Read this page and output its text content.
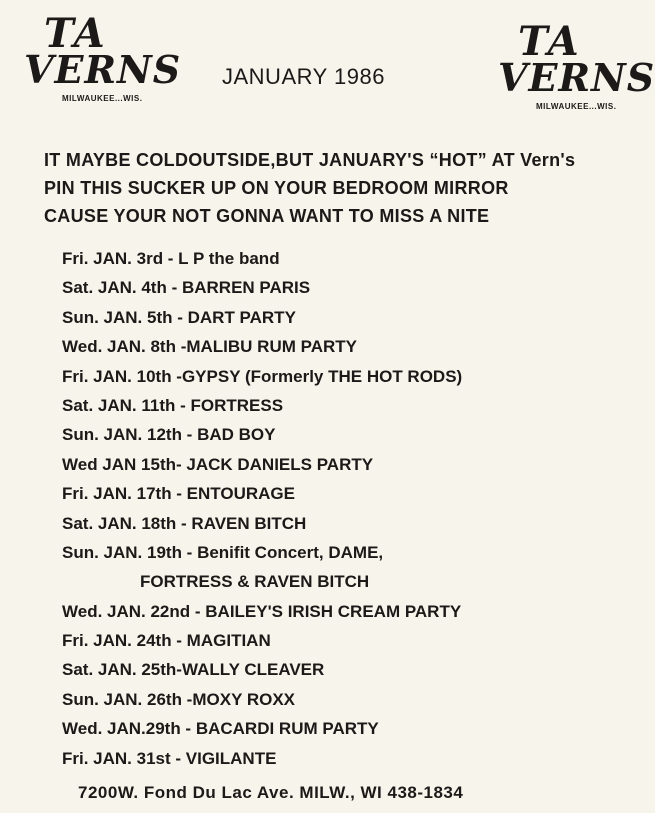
TA
VERNS
MILWAUKEE...WIS.
JANUARY 1986
TA
VERNS
MILWAUKEE...WIS.
IT MAYBE COLDOUTSIDE,BUT JANUARY'S “HOT” AT Vern's
PIN THIS SUCKER UP ON YOUR BEDROOM MIRROR
CAUSE YOUR NOT GONNA WANT TO MISS A NITE
Fri. JAN. 3rd - L P the band
Sat. JAN. 4th - BARREN PARIS
Sun. JAN. 5th - DART PARTY
Wed. JAN. 8th -MALIBU RUM PARTY
Fri. JAN. 10th -GYPSY (Formerly THE HOT RODS)
Sat. JAN. 11th - FORTRESS
Sun. JAN. 12th - BAD BOY
Wed JAN 15th- JACK DANIELS PARTY
Fri. JAN. 17th - ENTOURAGE
Sat. JAN. 18th - RAVEN BITCH
Sun. JAN. 19th - Benifit Concert, DAME,
FORTRESS & RAVEN BITCH
Wed. JAN. 22nd - BAILEY'S IRISH CREAM PARTY
Fri. JAN. 24th - MAGITIAN
Sat. JAN. 25th-WALLY CLEAVER
Sun. JAN. 26th -MOXY ROXX
Wed. JAN.29th - BACARDI RUM PARTY
Fri. JAN. 31st - VIGILANTE
7200W. Fond Du Lac Ave. MILW., WI 438-1834
